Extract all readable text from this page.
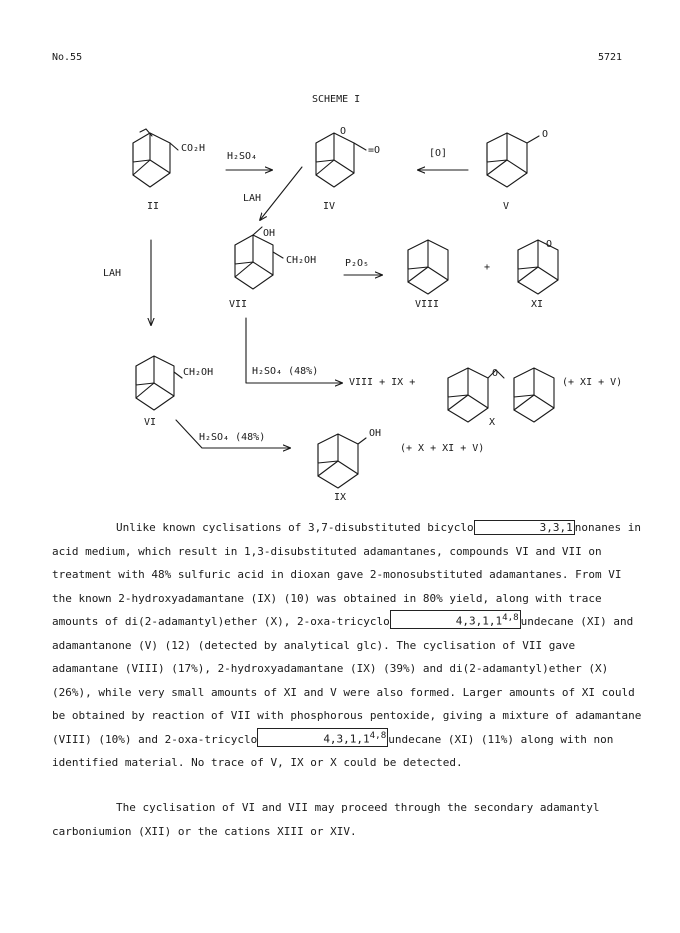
No.55	5721
SCHEME I
CO₂H
H₂SO₄
LAH
O
=O	[O]
O
II	IV	V
OH
CH₂OH
LAH
P₂O₅	+
O
VII	VIII	XI
CH₂OH	H₂SO₄ (48%)
VIII + IX +
O
(+ XI + V)
VI	X
H₂SO₄ (48%)	OH
(+ X + XI + V)
IX

Unlike known cyclisations of 3,7-disubstituted bicyclo	3,3,1 nonanes in acid medium, which result in 1,3-disubstituted adamantanes, compounds VI and VII on treatment with 48% sulfuric acid in dioxan gave 2-monosubstituted adamantanes. From VI the known 2-hydroxyadamantane (IX) (10) was obtained in 80% yield, along with trace amounts of di(2-adamantyl)ether (X), 2-oxa-tricyclo	4,3,1,1$^{4,8}$ undecane (XI) and adamantanone (V) (12) (detected by analytical glc). The cyclisation of VII gave adamantane (VIII) (17%), 2-hydroxyadamantane (IX) (39%) and di(2-adamantyl)ether (X) (26%), while very small amounts of XI and V were also formed. Larger amounts of XI could be obtained by reaction of VII with phosphorous pentoxide, giving a mixture of adamantane (VIII) (10%) and 2-oxa-tricyclo	4,3,1,1$^{4,8}$ undecane (XI) (11%) along with non identified material. No trace of V, IX or X could be detected.

The cyclisation of VI and VII may proceed through the secondary adamantyl carboniumion (XII) or the cations XIII or XIV.
